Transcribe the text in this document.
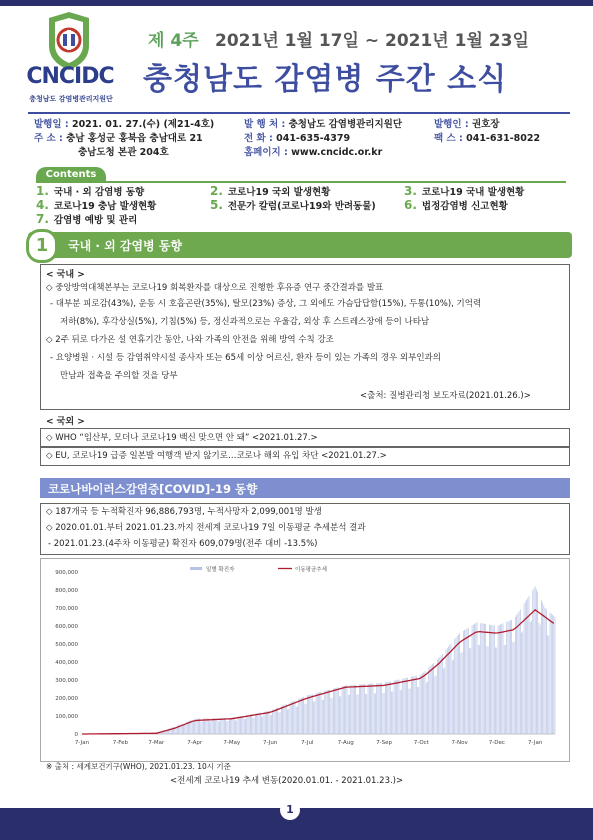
CNCIDC
충청남도 감염병관리지원단
제 4주 2021년 1월 17일 ~ 2021년 1월 23일
충청남도 감염병 주간 소식
발행일 : 2021. 01. 27.(수) (제21-4호)	발 행 처 : 충청남도 감염병관리지원단	발행인 : 권호장
주 소 : 충남 홍성군 홍북읍 충남대로 21	전 화 : 041-635-4379	팩 스 : 041-631-8022
충남도청 본관 204호	홈페이지 : www.cncidc.or.kr
Contents
1. 국내 · 외 감염병 동향	2. 코로나19 국외 발생현황	3. 코로나19 국내 발생현황
4. 코로나19 충남 발생현황	5. 전문가 칼럼(코로나19와 반려동물) 6. 법정감염병 신고현황
7. 감염병 예방 및 관리
1	국내 · 외 감염병 동향
< 국내 >
◇ 중앙방역대책본부는 코로나19 회복환자를 대상으로 진행한 후유증 연구 중간결과를 발표
- 대부분 피로감(43%), 운동 시 호흡곤란(35%), 탈모(23%) 증상, 그 외에도 가슴답답함(15%), 두통(10%), 기억력
저하(8%), 후각상실(5%), 기침(5%) 등, 정신과적으로는 우울감, 외상 후 스트레스장애 등이 나타남
◇ 2주 뒤로 다가온 설 연휴기간 동안, 나와 가족의 안전을 위해 방역 수칙 강조
- 요양병원 · 시설 등 감염취약시설 종사자 또는 65세 이상 어르신, 환자 등이 있는 가족의 경우 외부인과의
만남과 접촉을 주의할 것을 당부
<출처: 질병관리청 보도자료(2021.01.26.)>
< 국외 >
◇ WHO “임산부, 모더나 코로나19 백신 맞으면 안 돼” <2021.01.27.>
◇ EU, 코로나19 급증 일본발 여행객 받지 않기로…코로나 해외 유입 차단 <2021.01.27.>
코로나바이러스감염증[COVID]-19 동향
◇ 187개국 등 누적확진자 96,886,793명, 누적사망자 2,099,001명 발생
◇ 2020.01.01.부터 2021.01.23.까지 전세계 코로나19 7일 이동평균 추세분석 결과
- 2021.01.23.(4주차 이동평균) 확진자 609,079명(전주 대비 -13.5%)
900,000
800,000
700,000
600,000
500,000
400,000
300,000
200,000
100,000
0
7-Jan	7-Feb	7-Mar	7-Apr	7-May	7-Jun	7-Jul	7-Aug	7-Sep	7-Oct	7-Nov	7-Dec	7-Jan
일별 확진자	이동평균추세
※ 출처 : 세계보건기구(WHO), 2021.01.23. 10시 기준
<전세계 코로나19 추세 변동(2020.01.01. - 2021.01.23.)>
1
